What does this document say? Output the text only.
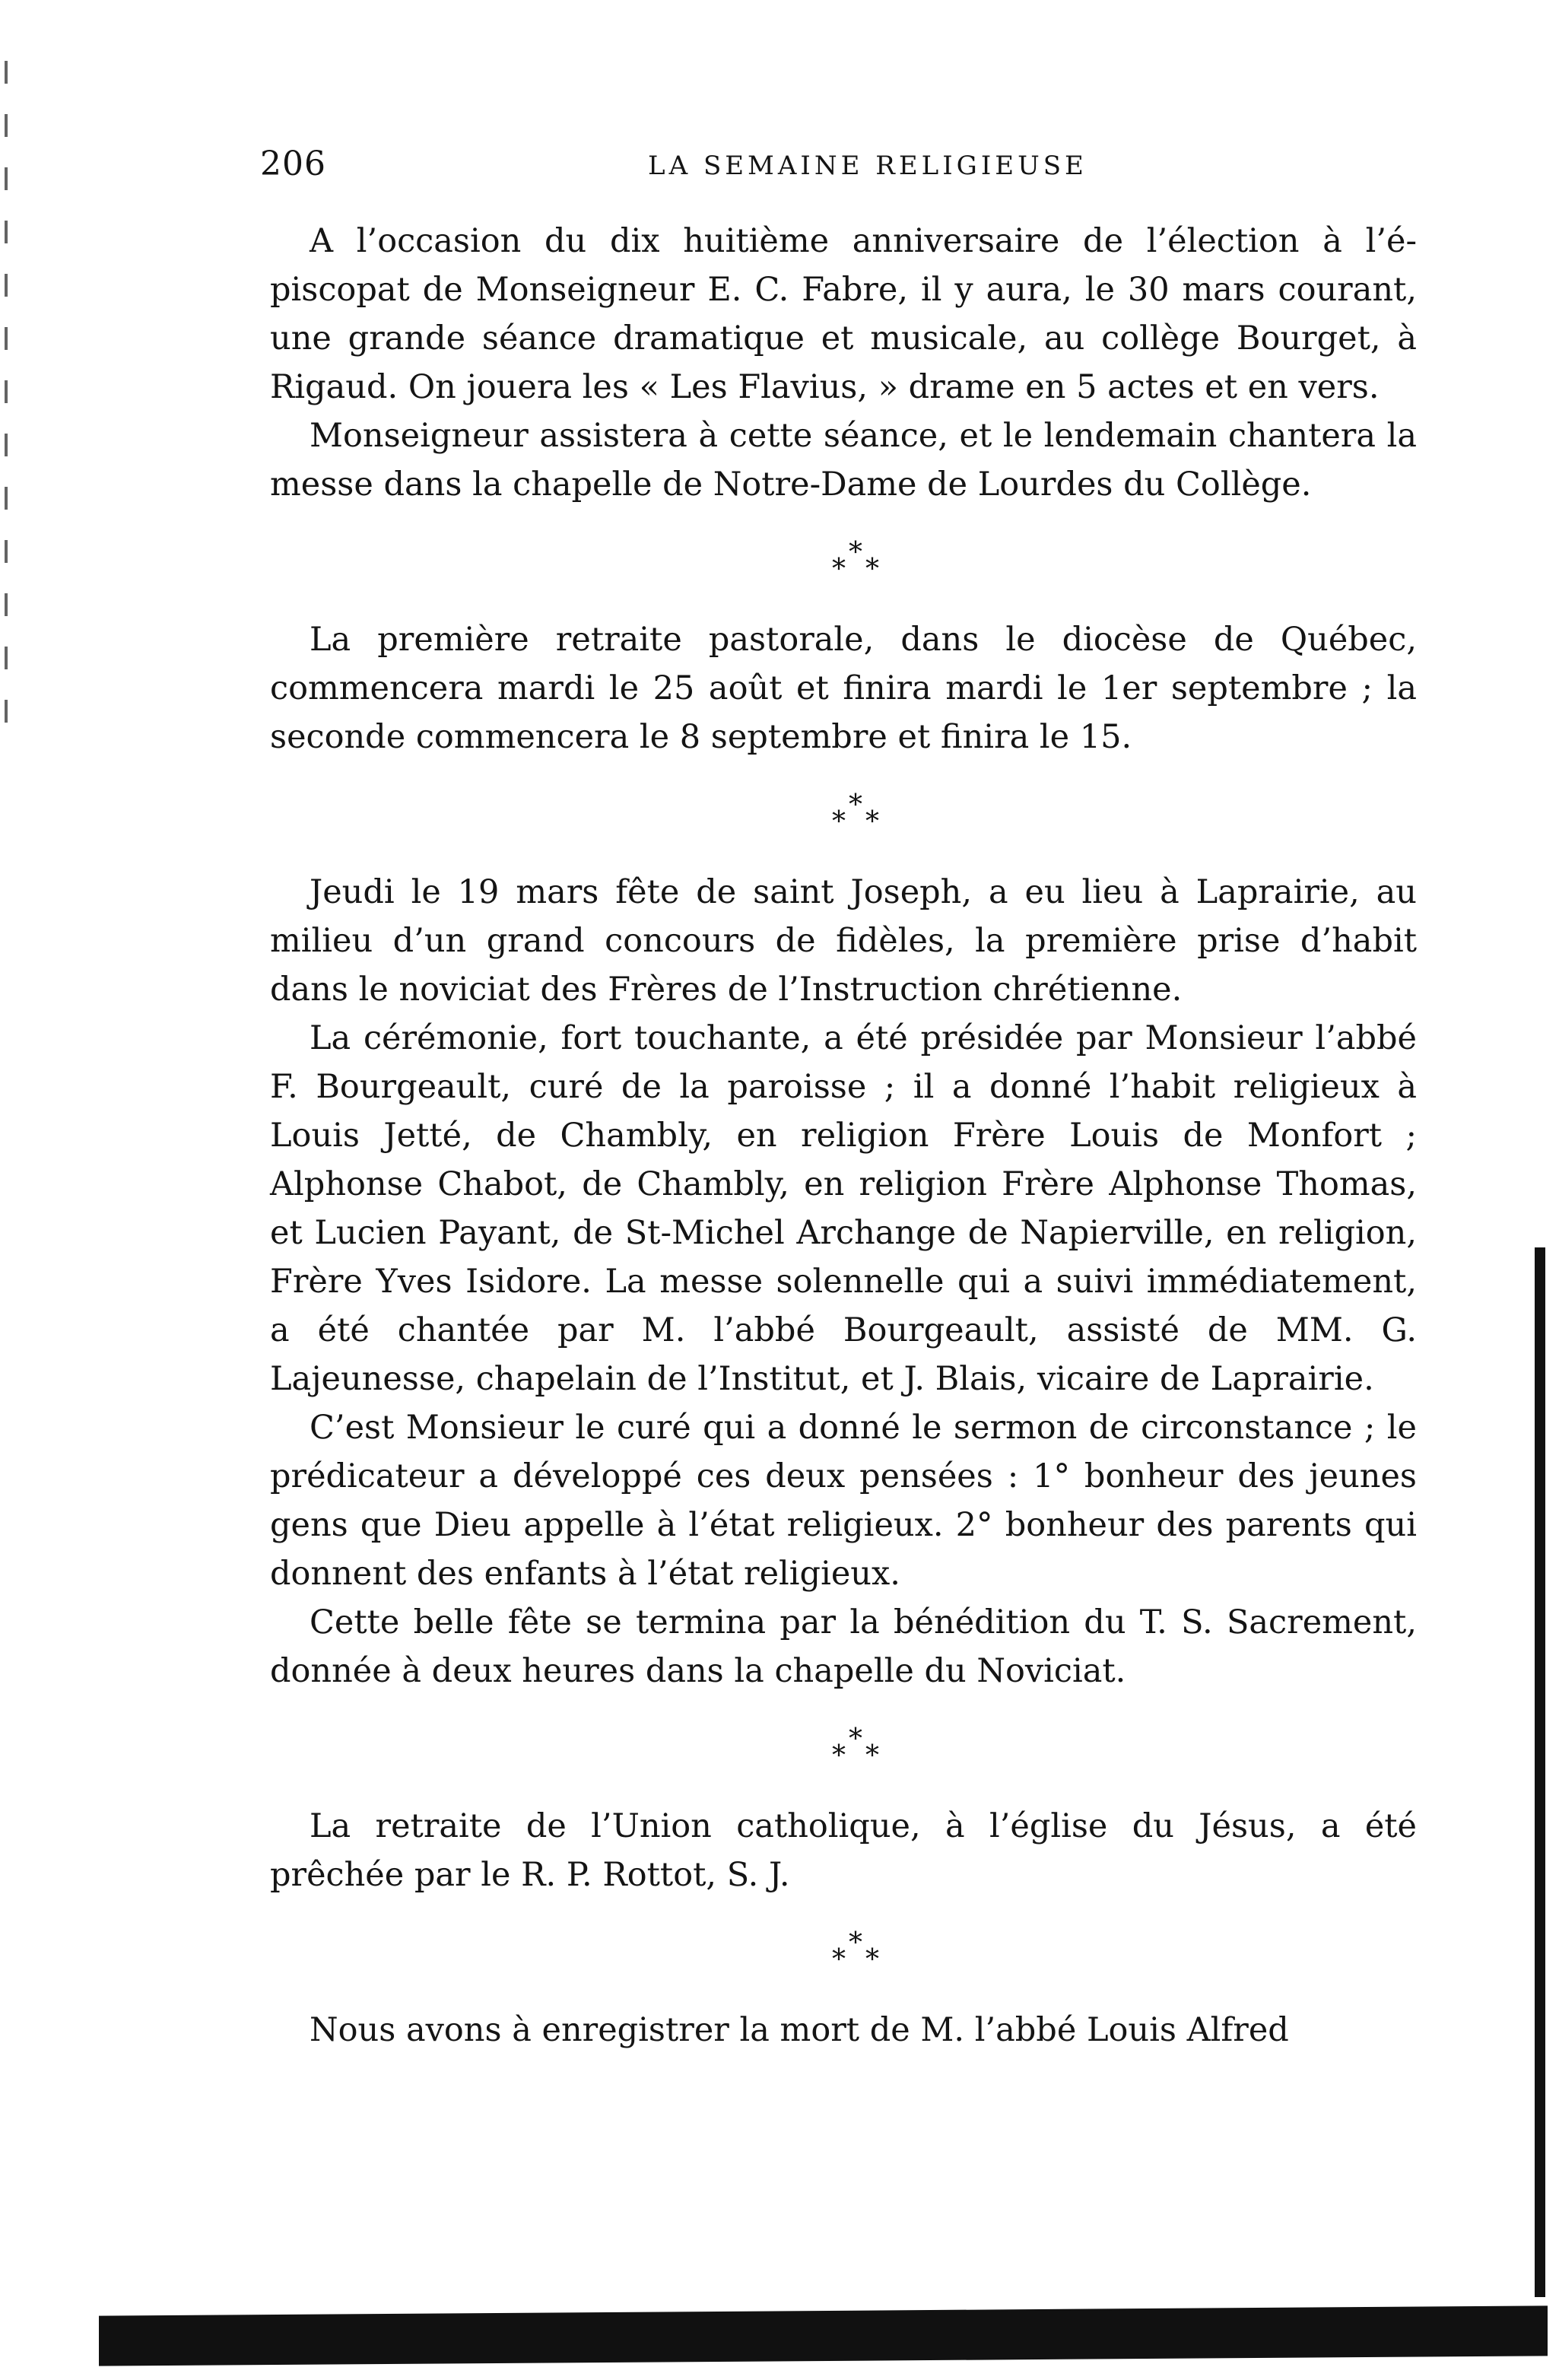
206	LA SEMAINE RELIGIEUSE

A l’occasion du dix huitième anniversaire de l’élection à l’épiscopat de Monseigneur E. C. Fabre, il y aura, le 30 mars courant, une grande séance dramatique et musicale, au collège Bourget, à Rigaud. On jouera les « Les Flavius, » drame en 5 actes et en vers.

Monseigneur assistera à cette séance, et le lendemain chantera la messe dans la chapelle de Notre-Dame de Lourdes du Collège.

*
* *

La première retraite pastorale, dans le diocèse de Québec, commencera mardi le 25 août et finira mardi le 1er septembre ; la seconde commencera le 8 septembre et finira le 15.

*
* *

Jeudi le 19 mars fête de saint Joseph, a eu lieu à Laprairie, au milieu d’un grand concours de fidèles, la première prise d’habit dans le noviciat des Frères de l’Instruction chrétienne.

La cérémonie, fort touchante, a été présidée par Monsieur l’abbé F. Bourgeault, curé de la paroisse ; il a donné l’habit religieux à Louis Jetté, de Chambly, en religion Frère Louis de Monfort ; Alphonse Chabot, de Chambly, en religion Frère Alphonse Thomas, et Lucien Payant, de St-Michel Archange de Napierville, en religion, Frère Yves Isidore. La messe solennelle qui a suivi immédiatement, a été chantée par M. l’abbé Bourgeault, assisté de MM. G. Lajeunesse, chapelain de l’Institut, et J. Blais, vicaire de Laprairie.

C’est Monsieur le curé qui a donné le sermon de circonstance ; le prédicateur a développé ces deux pensées : 1° bonheur des jeunes gens que Dieu appelle à l’état religieux. 2° bonheur des parents qui donnent des enfants à l’état religieux.

Cette belle fête se termina par la bénédition du T. S. Sacrement, donnée à deux heures dans la chapelle du Noviciat.

*
* *

La retraite de l’Union catholique, à l’église du Jésus, a été prêchée par le R. P. Rottot, S. J.

*
* *

Nous avons à enregistrer la mort de M. l’abbé Louis Alfred
